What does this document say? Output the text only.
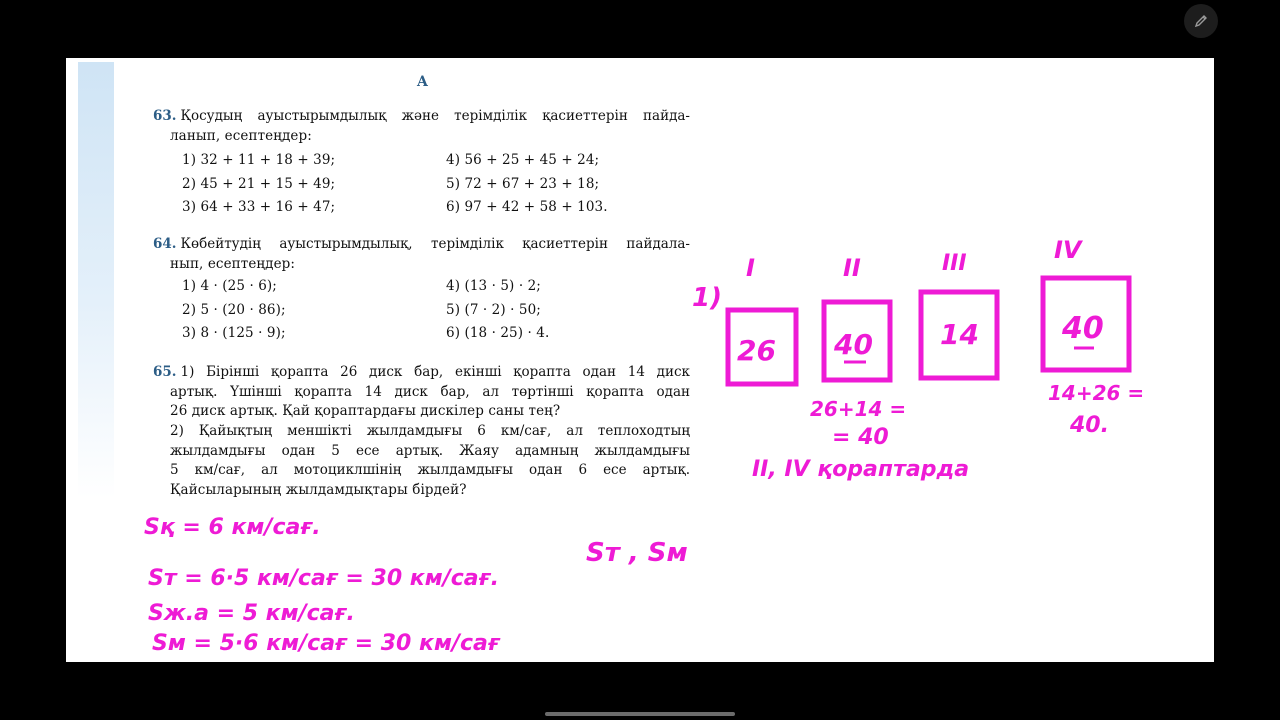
A
63. Қосудың ауыстырымдылық және терімділік қасиеттерін пайда-
ланып, есептеңдер:
1) 32 + 11 + 18 + 39;
2) 45 + 21 + 15 + 49;
3) 64 + 33 + 16 + 47;
4) 56 + 25 + 45 + 24;
5) 72 + 67 + 23 + 18;
6) 97 + 42 + 58 + 103.
64. Көбейтудің ауыстырымдылық, терімділік қасиеттерін пайдала-
нып, есептеңдер:
1) 4 · (25 · 6);
2) 5 · (20 · 86);
3) 8 · (125 · 9);
4) (13 · 5) · 2;
5) (7 · 2) · 50;
6) (18 · 25) · 4.
65. 1) Бірінші қорапта 26 диск бар, екінші қорапта одан 14 диск
артық. Үшінші қорапта 14 диск бар, ал төртінші қорапта одан
26 диск артық. Қай қораптардағы дискілер саны тең?
2) Қайықтың меншікті жылдамдығы 6 км/сағ, ал теплоходтың
жылдамдығы одан 5 есе артық. Жаяу адамның жылдамдығы
5 км/сағ, ал мотоциклшінің жылдамдығы одан 6 есе артық.
Қайсыларының жылдамдықтары бірдей?
Sқ = 6 км/сағ.
Sт = 6·5 км/сағ = 30 км/сағ.
Sж.а = 5 км/сағ.
Sм = 5·6 км/сағ = 30 км/сағ
Sт , Sм
1)
I	II	III	IV
26 40 14	40
26+14 =
= 40
14+26 =
40.
II, IV қораптарда
